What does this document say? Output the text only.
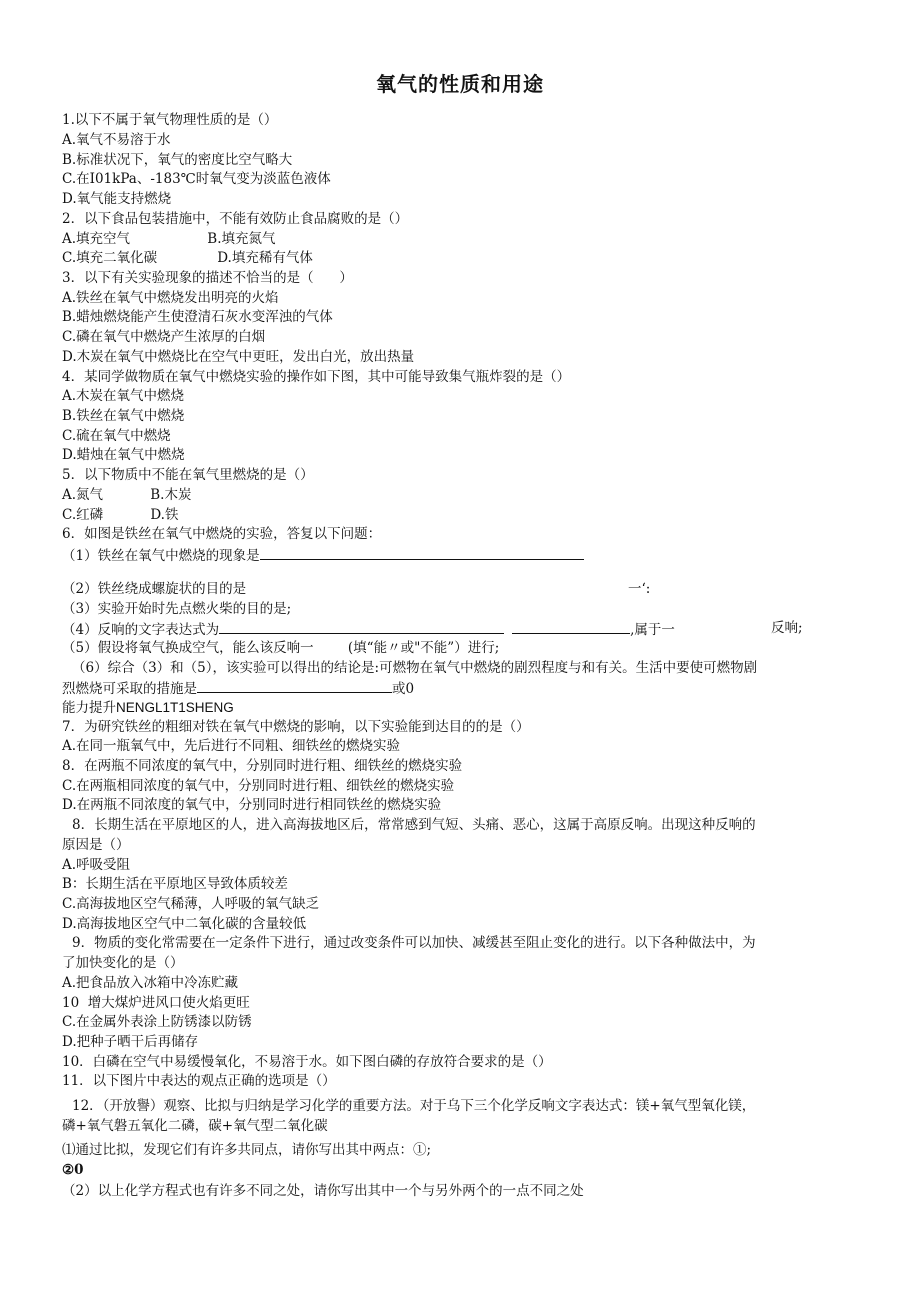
氧气的性质和用途
1.以下不属于氧气物理性质的是（）
A.氧气不易溶于水
B.标准状况下，氧气的密度比空气略大
C.在I01kPa、-183℃时氧气变为淡蓝色液体
D.氧气能支持燃烧
2．以下食品包装措施中，不能有效防止食品腐败的是（）
A.填充空气                  B.填充氮气
C.填充二氧化碳              D.填充稀有气体
3．以下有关实验现象的描述不恰当的是（      ）
A.铁丝在氧气中燃烧发出明亮的火焰
B.蜡烛燃烧能产生使澄清石灰水变浑浊的气体
C.磷在氧气中燃烧产生浓厚的白烟
D.木炭在氧气中燃烧比在空气中更旺，发出白光，放出热量
4．某同学做物质在氧气中燃烧实验的操作如下图，其中可能导致集气瓶炸裂的是（）
A.木炭在氧气中燃烧
B.铁丝在氧气中燃烧
C.硫在氧气中燃烧
D.蜡烛在氧气中燃烧
5．以下物质中不能在氧气里燃烧的是（）
A.氮气           B.木炭
C.红磷           D.铁
6．如图是铁丝在氧气中燃烧的实验，答复以下问题：
（1）铁丝在氧气中燃烧的现象是
（2）铁丝绕成螺旋状的目的是	一‘:
（3）实验开始时先点燃火柴的目的是;
（4）反响的文字表达式为	,属于一	反响;
（5）假设将氧气换成空气，能么该反响一        (填“能〃或"不能”）进行;
（6）综合（3）和（5），该实验可以得出的结论是:可燃物在氧气中燃烧的剧烈程度与和有关。生活中要使可燃物剧
烈燃烧可采取的措施是	或0
能力提升NENGL1T1SHENG
7．为研究铁丝的粗细对铁在氧气中燃烧的影响，以下实验能到达目的的是（）
A.在同一瓶氧气中，先后进行不同粗、细铁丝的燃烧实验
8．在两瓶不同浓度的氧气中，分别同时进行粗、细铁丝的燃烧实验
C.在两瓶相同浓度的氧气中，分别同时进行粗、细铁丝的燃烧实验
D.在两瓶不同浓度的氧气中，分别同时进行相同铁丝的燃烧实验
8．长期生活在平原地区的人，进入高海拔地区后，常常感到气短、头痛、恶心，这属于高原反响。出现这种反响的
原因是（）
A.呼吸受阻
B：长期生活在平原地区导致体质较差
C.高海拔地区空气稀薄，人呼吸的氧气缺乏
D.高海拔地区空气中二氧化碳的含量较低
9．物质的变化常需要在一定条件下进行，通过改变条件可以加快、减缓甚至阻止变化的进行。以下各种做法中，为
了加快变化的是（）
A.把食品放入冰箱中冷冻贮藏
10  增大煤炉进风口使火焰更旺
C.在金属外表涂上防锈漆以防锈
D.把种子晒干后再储存
10．白磷在空气中易缓慢氧化，不易溶于水。如下图白磷的存放符合要求的是（）
11．以下图片中表达的观点正确的选项是（）
12．（开放譽）观察、比拟与归纳是学习化学的重要方法。对于乌下三个化学反响文字表达式：镁+氧气型氧化镁，
磷+氧气磐五氧化二磷，碳+氧气型二氧化碳
⑴通过比拟，发现它们有许多共同点，请你写出其中两点：①;
②0
（2）以上化学方程式也有许多不同之处，请你写出其中一个与另外两个的一点不同之处
